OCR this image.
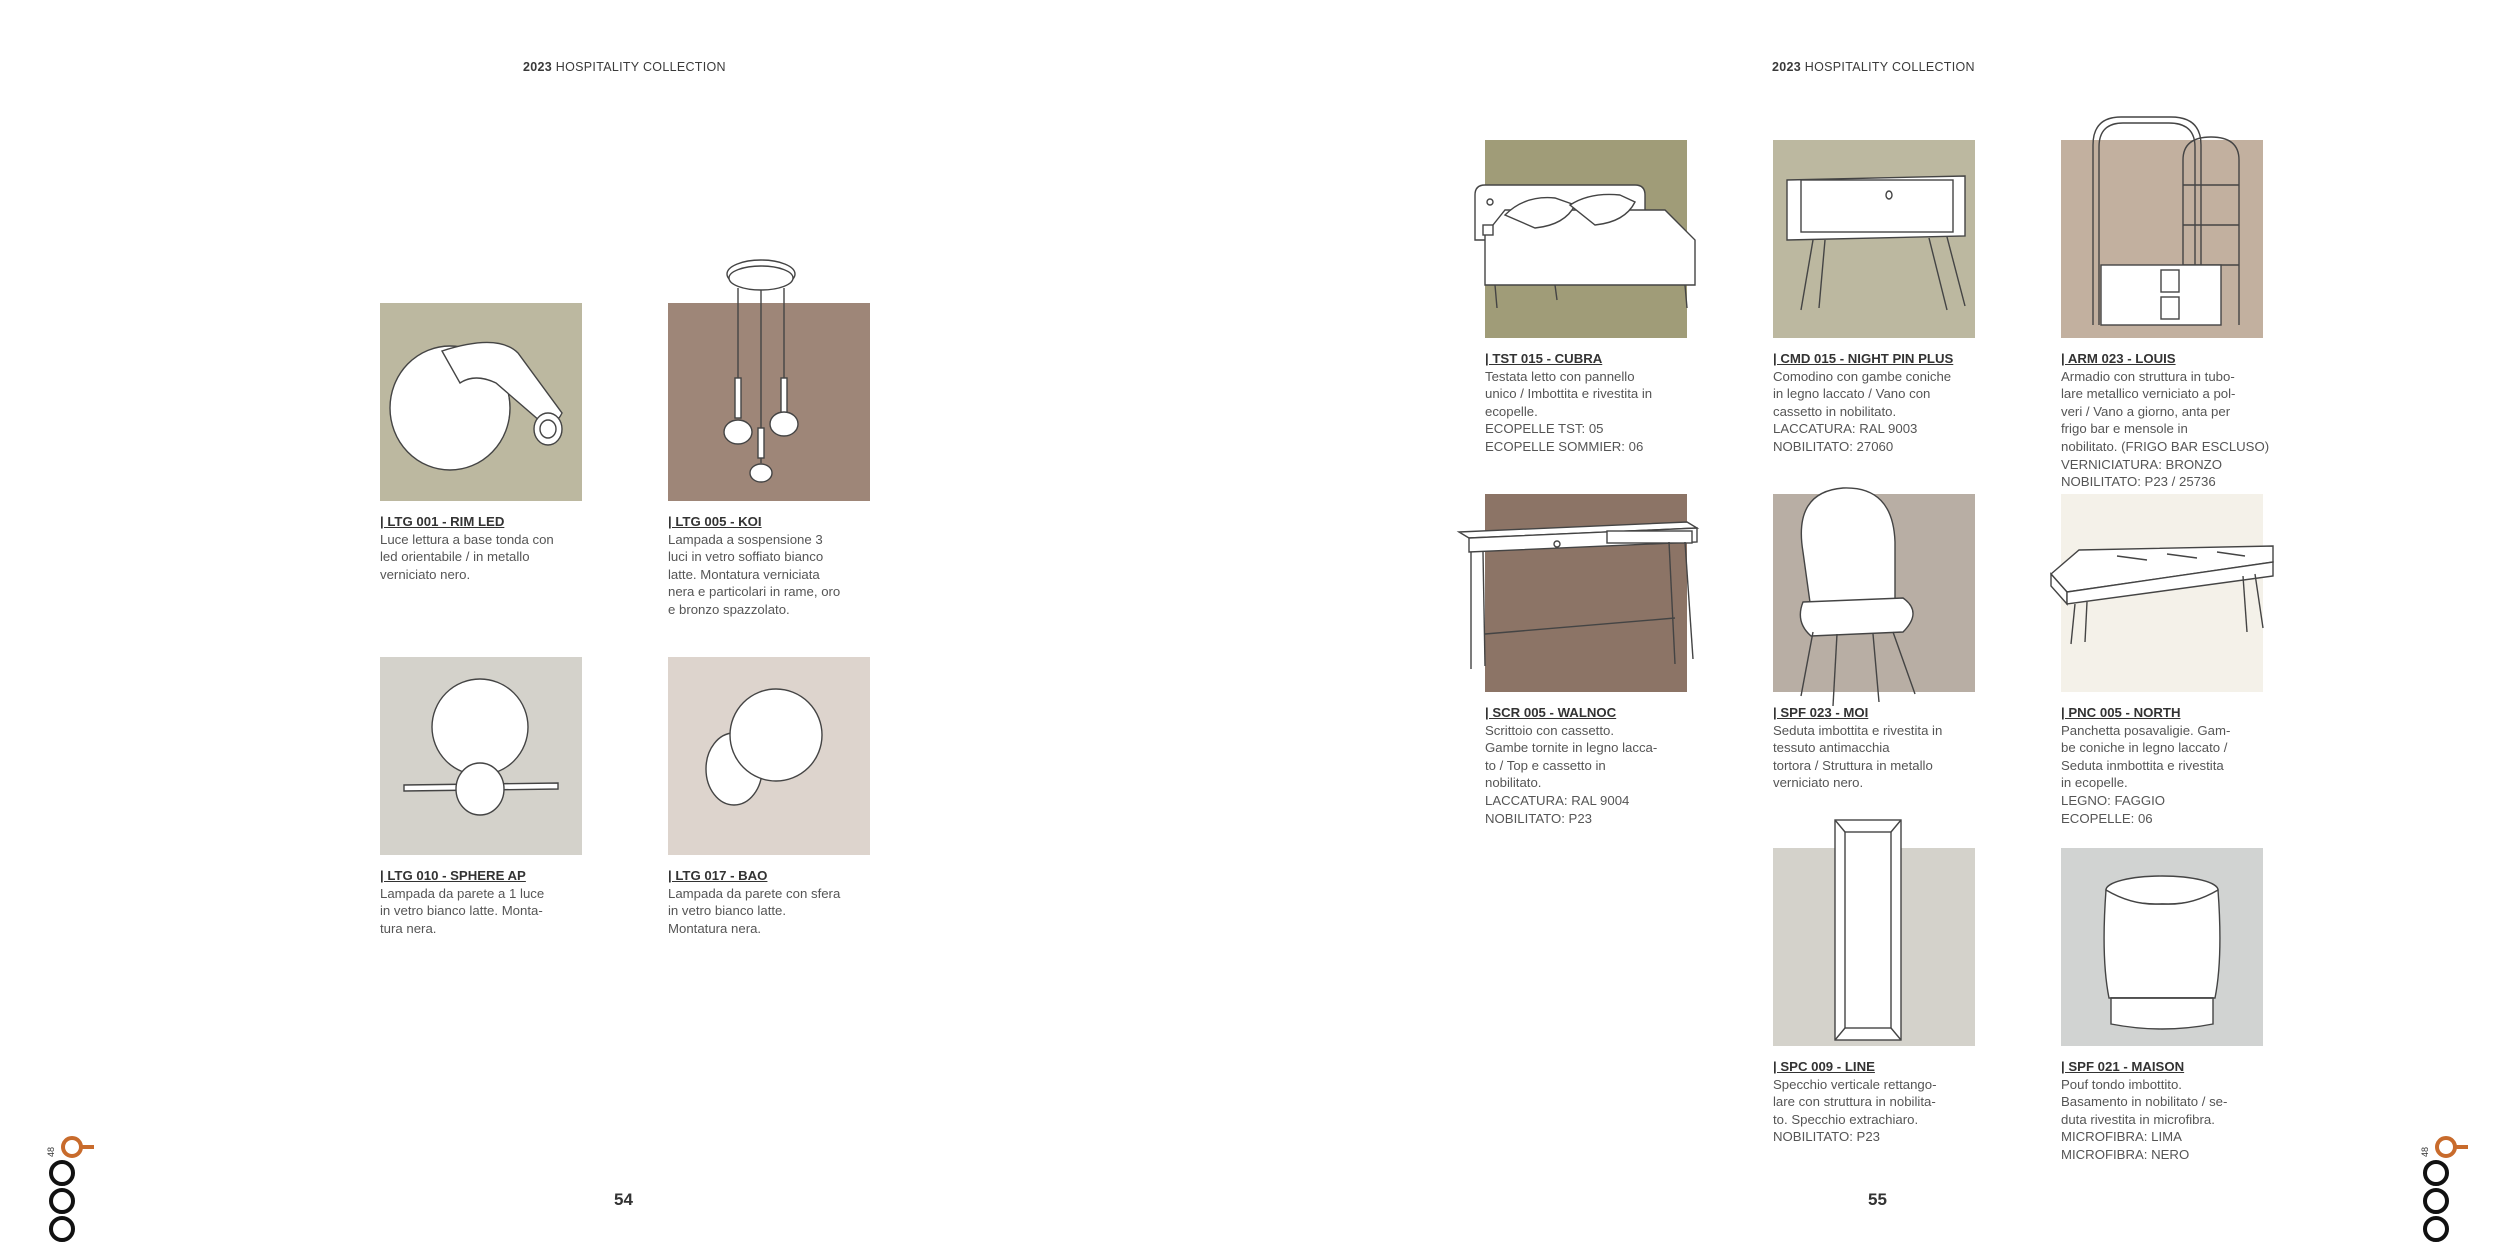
2023 HOSPITALITY COLLECTION
| LTG 001 - RIM LED
Luce lettura a base tonda con
led orientabile / in metallo
verniciato nero.
| LTG 005 - KOI
Lampada a sospensione 3
luci in vetro soffiato bianco
latte. Montatura verniciata
nera e particolari in rame, oro
e bronzo spazzolato.
| LTG 010 - SPHERE AP
Lampada da parete a 1 luce
in vetro bianco latte. Monta-
tura nera.
| LTG 017 - BAO
Lampada da parete con sfera
in vetro bianco latte.
Montatura nera.
54
48
2023 HOSPITALITY COLLECTION
| TST 015 - CUBRA
Testata letto con pannello
unico / Imbottita e rivestita in
ecopelle.
ECOPELLE TST: 05
ECOPELLE SOMMIER: 06
| CMD 015 - NIGHT PIN PLUS
Comodino con gambe coniche
in legno laccato / Vano con
cassetto in nobilitato.
LACCATURA: RAL 9003
NOBILITATO: 27060
| ARM 023 - LOUIS
Armadio con struttura in tubo-
lare metallico verniciato a pol-
veri / Vano a giorno, anta per
frigo bar e mensole in
nobilitato. (FRIGO BAR ESCLUSO)
VERNICIATURA: BRONZO
NOBILITATO: P23 / 25736
| SCR 005 - WALNOC
Scrittoio con cassetto.
Gambe tornite in legno lacca-
to / Top e cassetto in
nobilitato.
LACCATURA: RAL 9004
NOBILITATO: P23
| SPF 023 - MOI
Seduta imbottita e rivestita in
tessuto antimacchia
tortora / Struttura in metallo
verniciato nero.
| PNC 005 - NORTH
Panchetta posavaligie. Gam-
be coniche in legno laccato /
Seduta inmbottita e rivestita
in ecopelle.
LEGNO: FAGGIO
ECOPELLE: 06
| SPC 009 - LINE
Specchio verticale rettango-
lare con struttura in nobilita-
to. Specchio extrachiaro.
NOBILITATO: P23
| SPF 021 - MAISON
Pouf tondo imbottito.
Basamento in nobilitato / se-
duta rivestita in microfibra.
MICROFIBRA: LIMA
MICROFIBRA: NERO
55
48
